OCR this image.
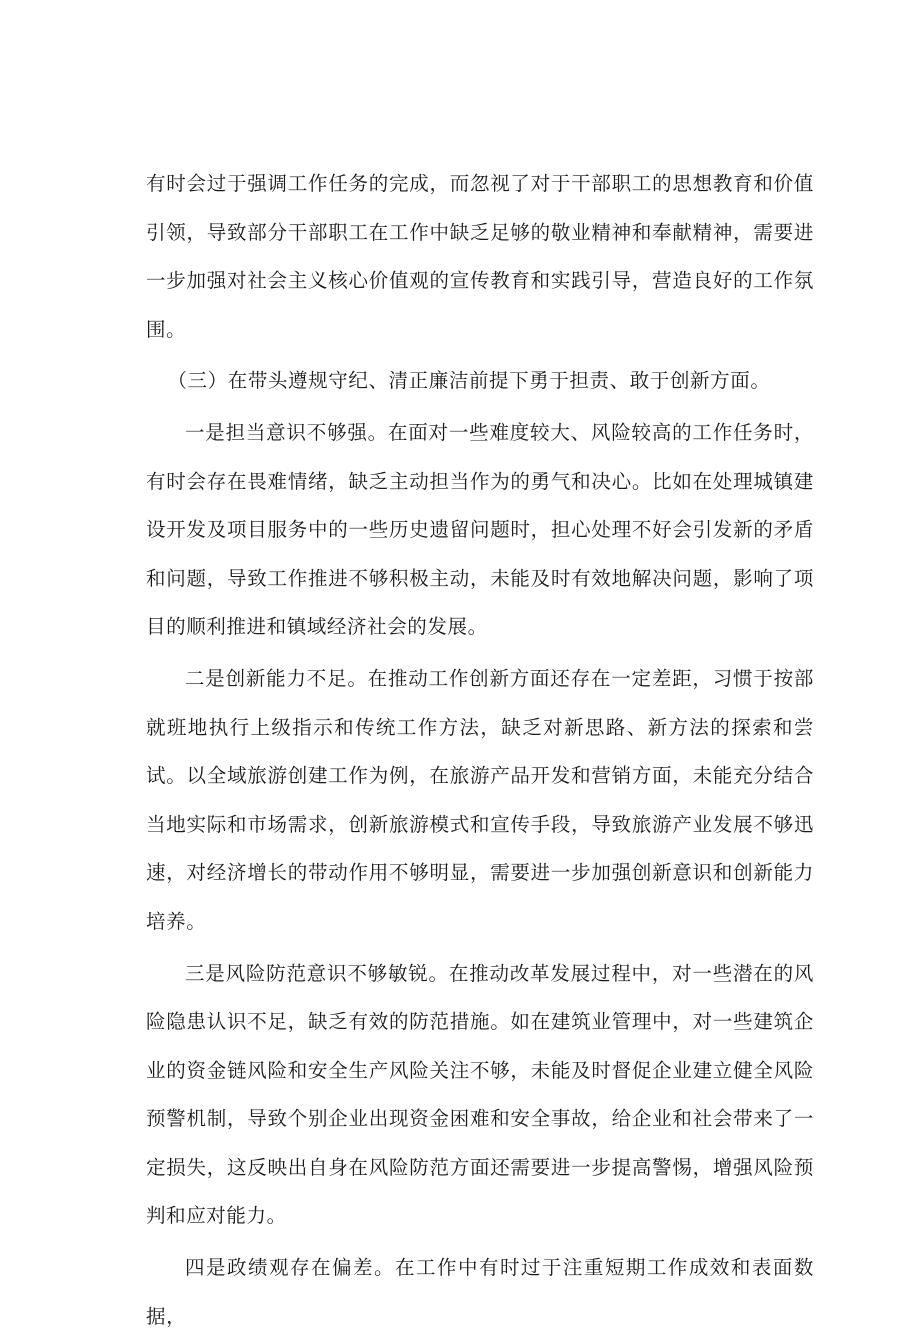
有时会过于强调工作任务的完成，而忽视了对于干部职工的思想教育和价值引领，导致部分干部职工在工作中缺乏足够的敬业精神和奉献精神，需要进一步加强对社会主义核心价值观的宣传教育和实践引导，营造良好的工作氛围。

（三）在带头遵规守纪、清正廉洁前提下勇于担责、敢于创新方面。

一是担当意识不够强。在面对一些难度较大、风险较高的工作任务时，有时会存在畏难情绪，缺乏主动担当作为的勇气和决心。比如在处理城镇建设开发及项目服务中的一些历史遗留问题时，担心处理不好会引发新的矛盾和问题，导致工作推进不够积极主动，未能及时有效地解决问题，影响了项目的顺利推进和镇域经济社会的发展。

二是创新能力不足。在推动工作创新方面还存在一定差距，习惯于按部就班地执行上级指示和传统工作方法，缺乏对新思路、新方法的探索和尝试。以全域旅游创建工作为例，在旅游产品开发和营销方面，未能充分结合当地实际和市场需求，创新旅游模式和宣传手段，导致旅游产业发展不够迅速，对经济增长的带动作用不够明显，需要进一步加强创新意识和创新能力培养。

三是风险防范意识不够敏锐。在推动改革发展过程中，对一些潜在的风险隐患认识不足，缺乏有效的防范措施。如在建筑业管理中，对一些建筑企业的资金链风险和安全生产风险关注不够，未能及时督促企业建立健全风险预警机制，导致个别企业出现资金困难和安全事故，给企业和社会带来了一定损失，这反映出自身在风险防范方面还需要进一步提高警惕，增强风险预判和应对能力。

四是政绩观存在偏差。在工作中有时过于注重短期工作成效和表面数据，
